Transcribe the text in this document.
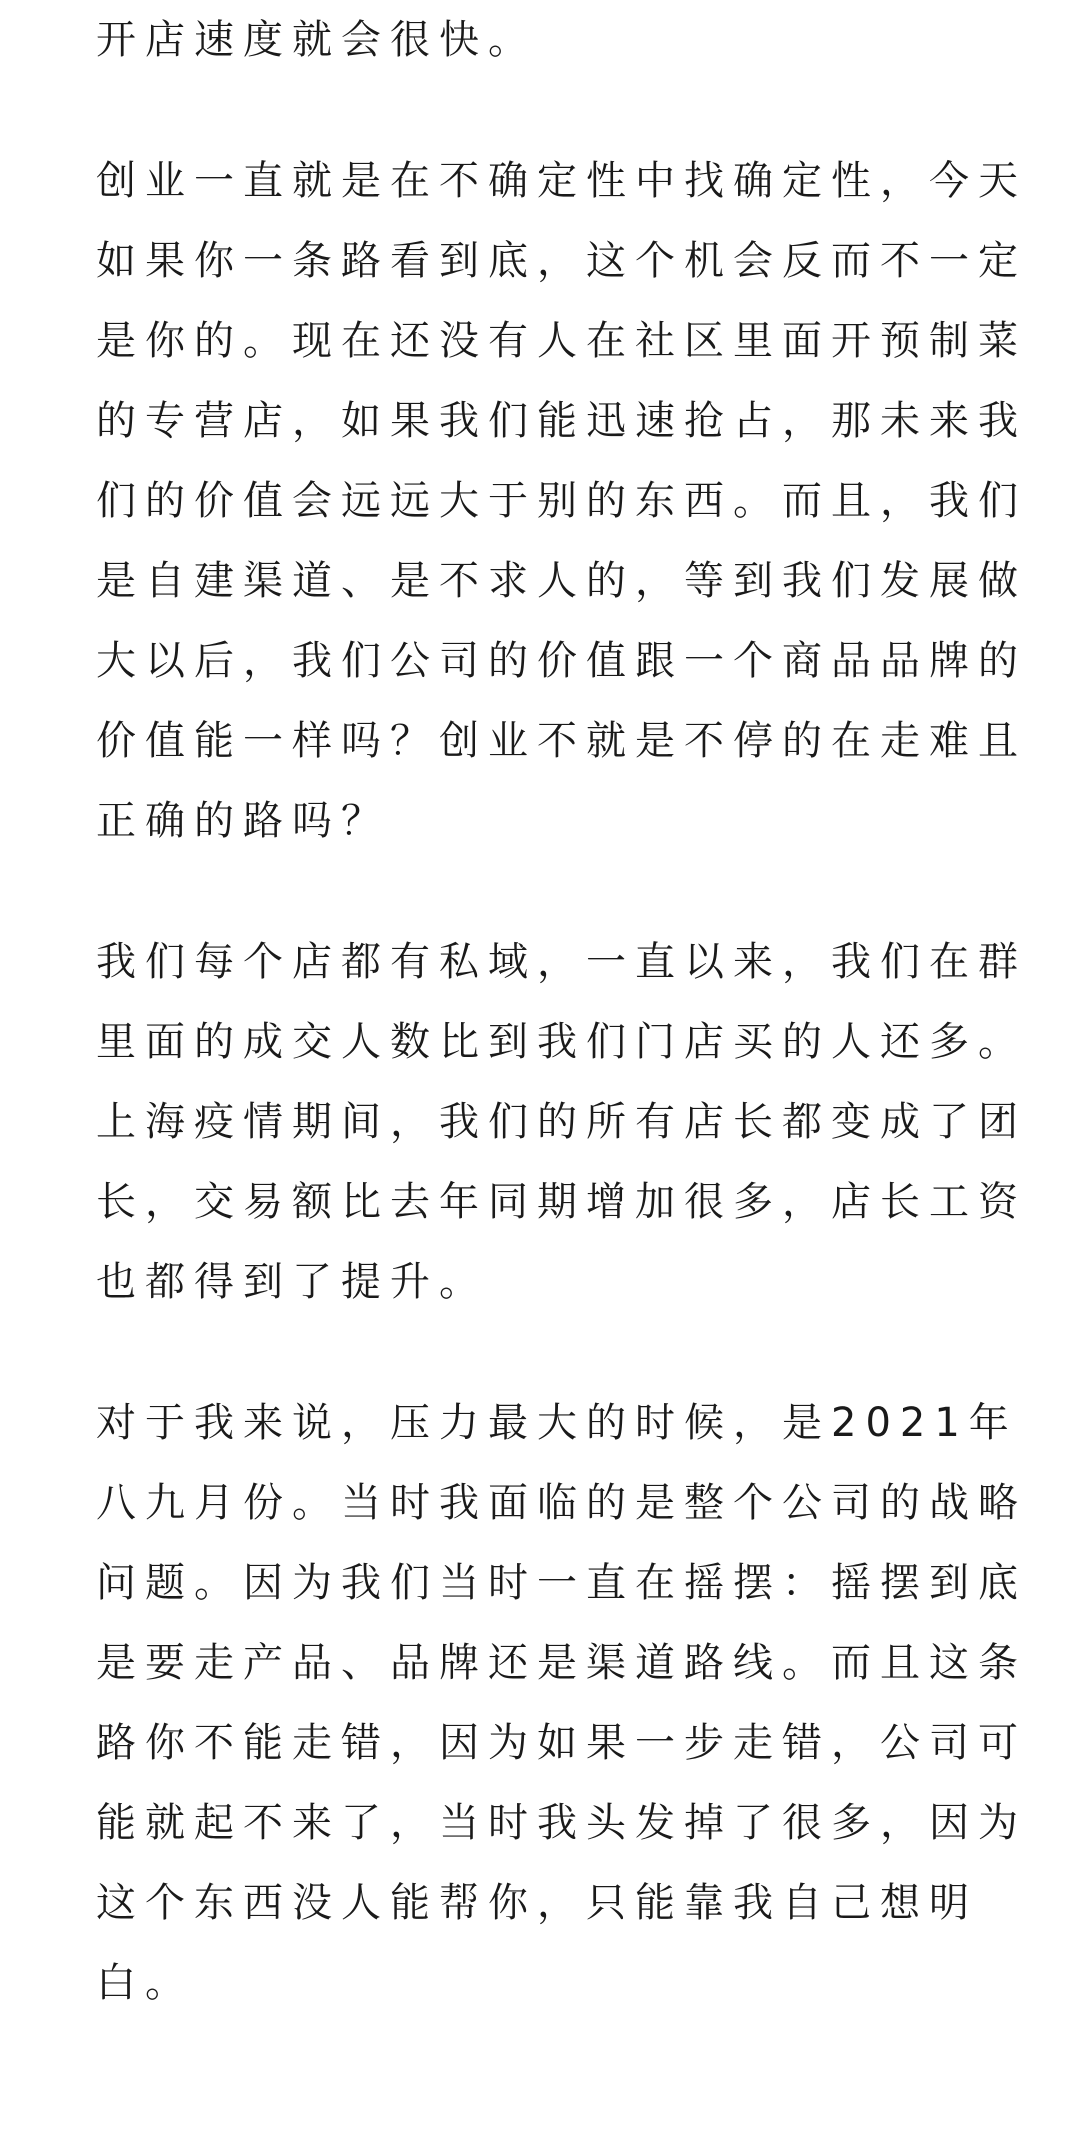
开店速度就会很快。
创业一直就是在不确定性中找确定性，今天
如果你一条路看到底，这个机会反而不一定
是你的。现在还没有人在社区里面开预制菜
的专营店，如果我们能迅速抢占，那未来我
们的价值会远远大于别的东西。而且，我们
是自建渠道、是不求人的，等到我们发展做
大以后，我们公司的价值跟一个商品品牌的
价值能一样吗？创业不就是不停的在走难且
正确的路吗？
我们每个店都有私域，一直以来，我们在群
里面的成交人数比到我们门店买的人还多。
上海疫情期间，我们的所有店长都变成了团
长，交易额比去年同期增加很多，店长工资
也都得到了提升。
对于我来说，压力最大的时候，是2021年
八九月份。当时我面临的是整个公司的战略
问题。因为我们当时一直在摇摆：摇摆到底
是要走产品、品牌还是渠道路线。而且这条
路你不能走错，因为如果一步走错，公司可
能就起不来了，当时我头发掉了很多，因为
这个东西没人能帮你，只能靠我自己想明
白。
